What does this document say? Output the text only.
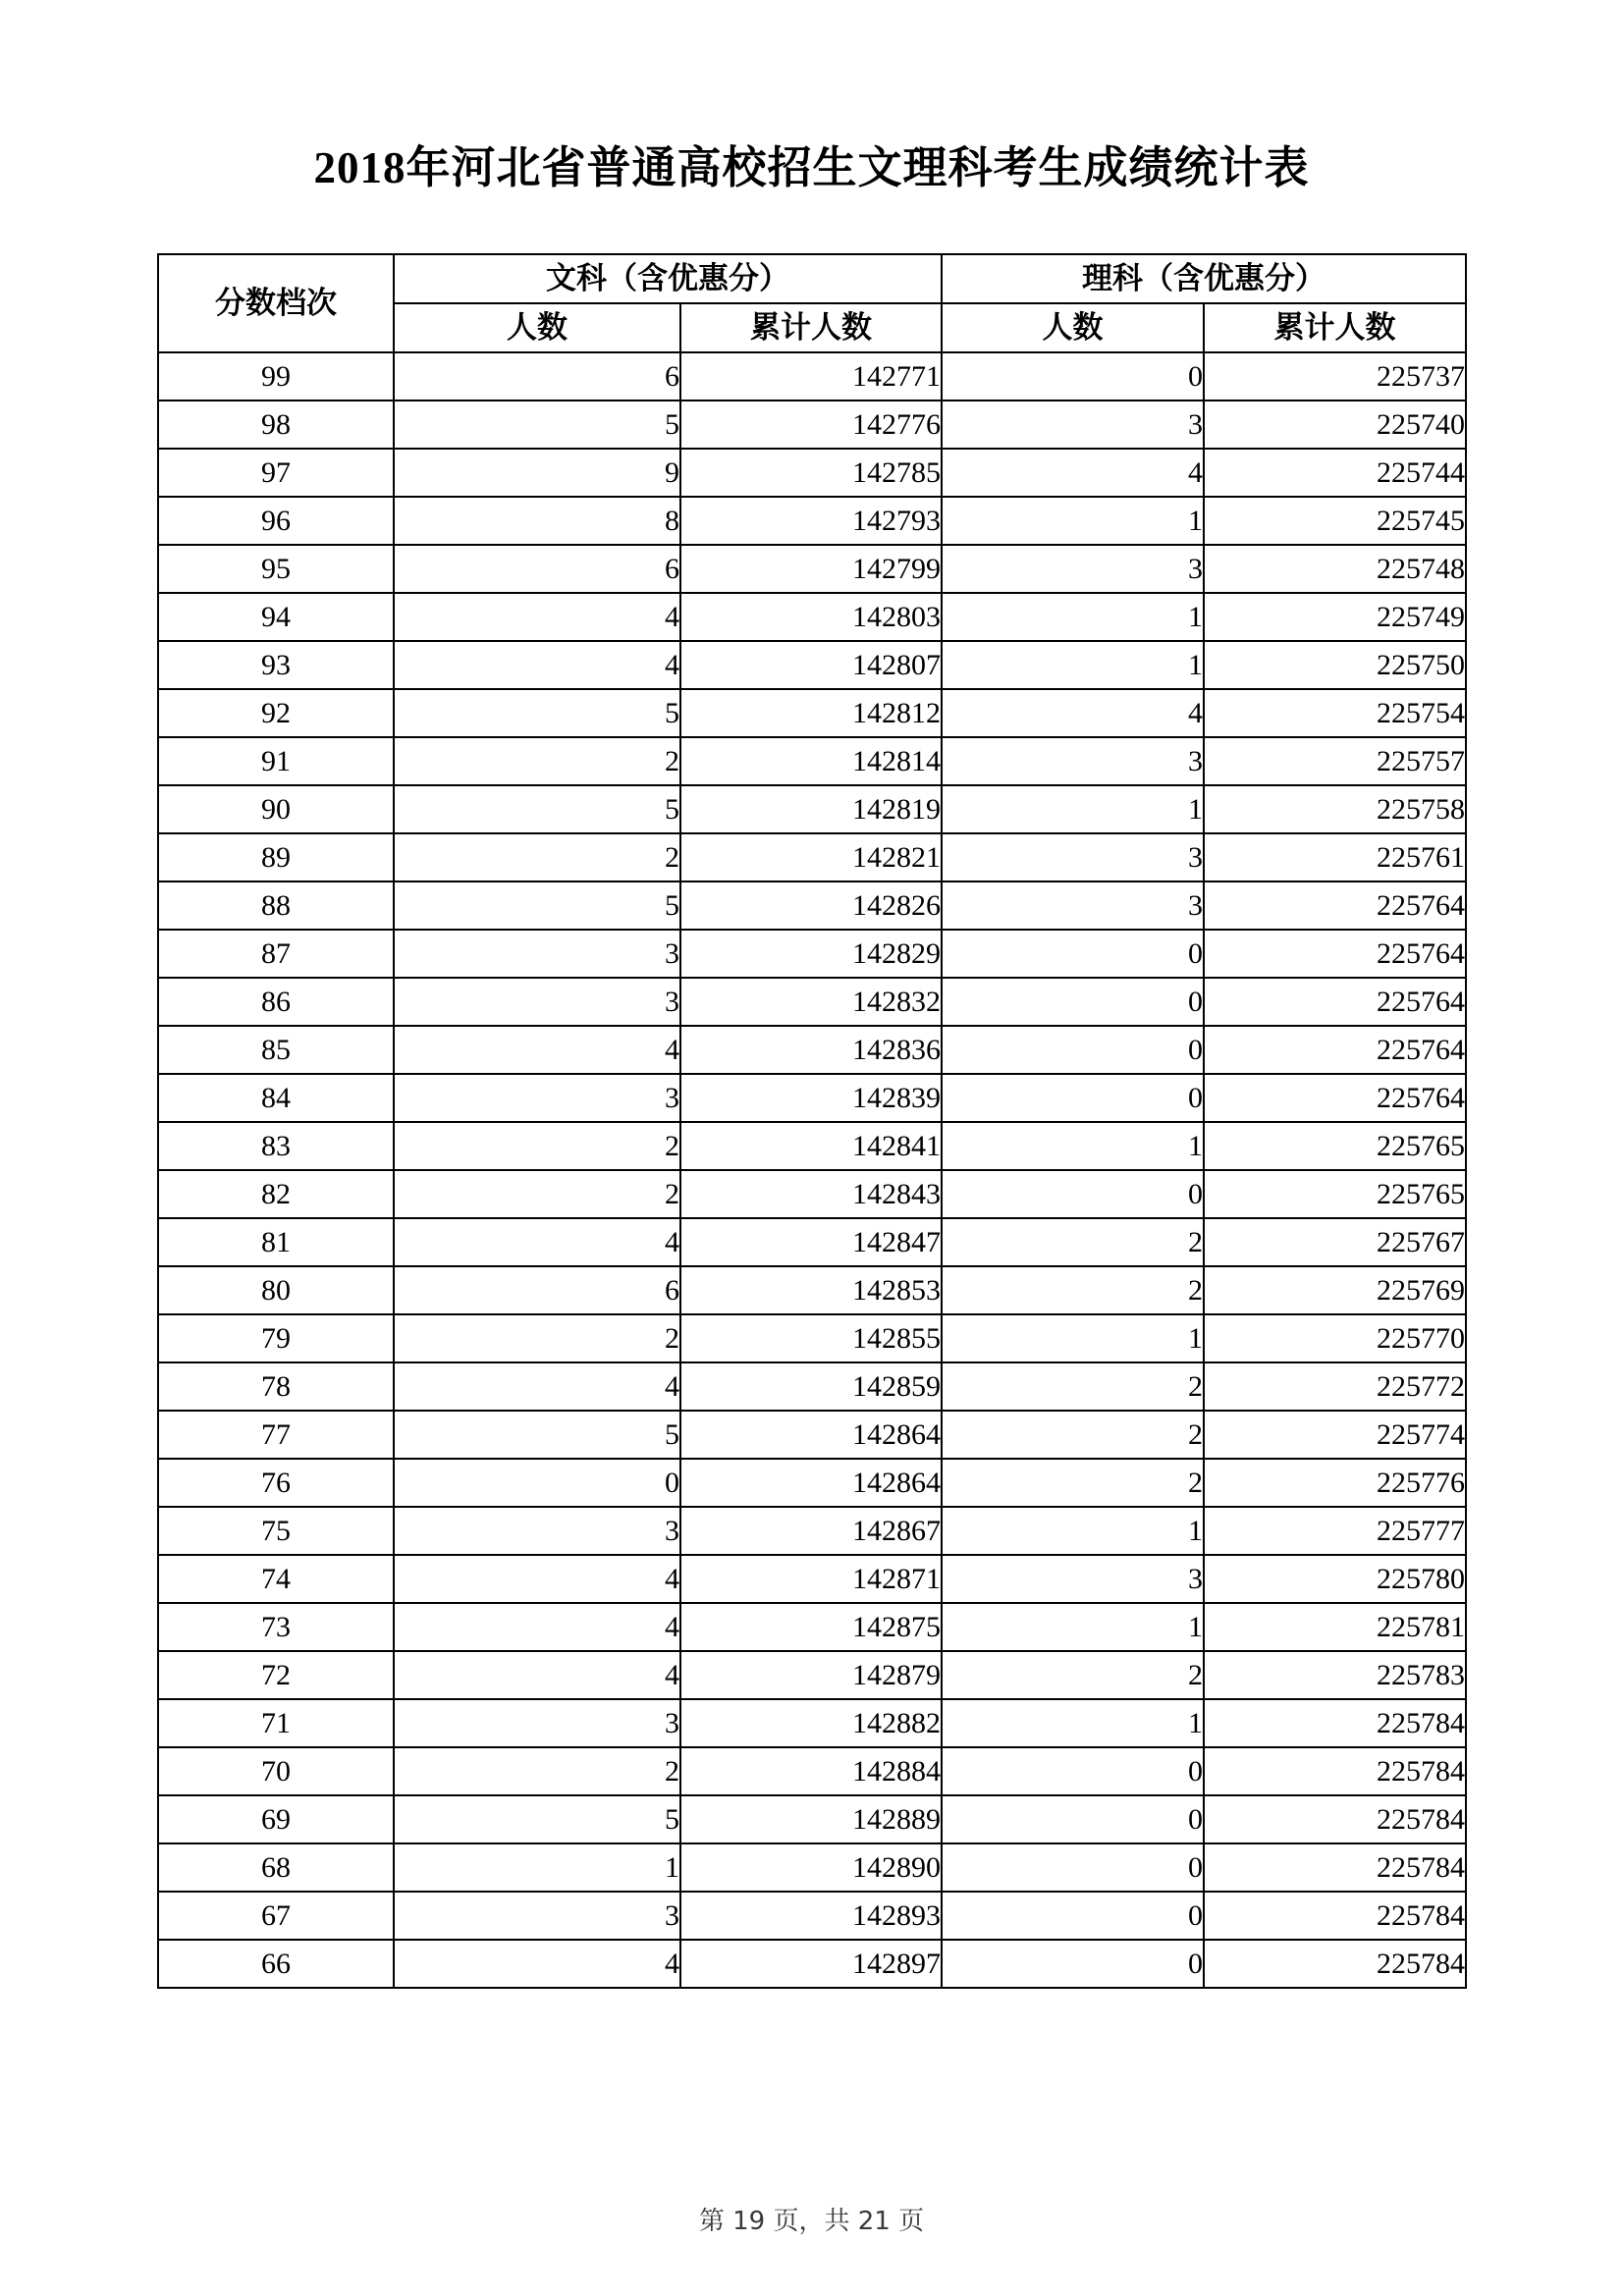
2018年河北省普通高校招生文理科考生成绩统计表
分数档次	文科（含优惠分）		理科（含优惠分）	
	人数	累计人数	人数	累计人数
99	6	142771	0	225737
98	5	142776	3	225740
97	9	142785	4	225744
96	8	142793	1	225745
95	6	142799	3	225748
94	4	142803	1	225749
93	4	142807	1	225750
92	5	142812	4	225754
91	2	142814	3	225757
90	5	142819	1	225758
89	2	142821	3	225761
88	5	142826	3	225764
87	3	142829	0	225764
86	3	142832	0	225764
85	4	142836	0	225764
84	3	142839	0	225764
83	2	142841	1	225765
82	2	142843	0	225765
81	4	142847	2	225767
80	6	142853	2	225769
79	2	142855	1	225770
78	4	142859	2	225772
77	5	142864	2	225774
76	0	142864	2	225776
75	3	142867	1	225777
74	4	142871	3	225780
73	4	142875	1	225781
72	4	142879	2	225783
71	3	142882	1	225784
70	2	142884	0	225784
69	5	142889	0	225784
68	1	142890	0	225784
67	3	142893	0	225784
66	4	142897	0	225784
第 19 页，共 21 页
